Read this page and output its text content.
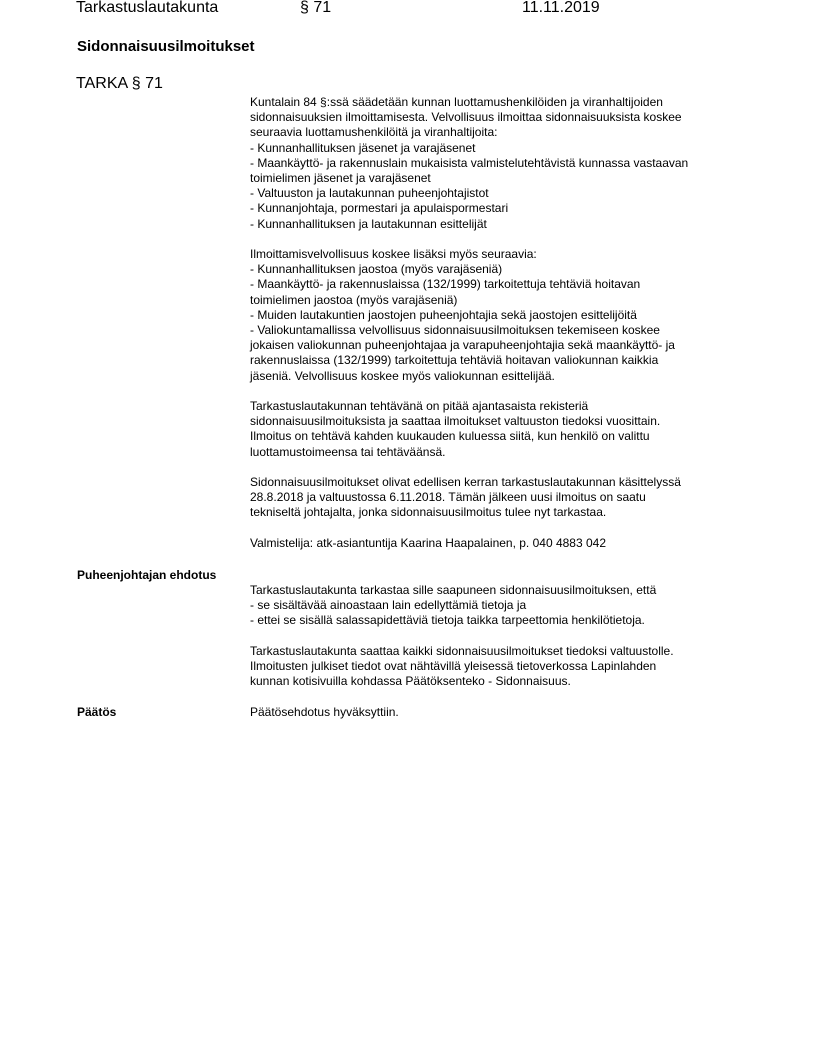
Tarkastuslautakunta	§ 71	11.11.2019
Sidonnaisuusilmoitukset
TARKA § 71

Kuntalain 84 §:ssä säädetään kunnan luottamushenkilöiden ja viranhaltijoiden

sidonnaisuuksien ilmoittamisesta. Velvollisuus ilmoittaa sidonnaisuuksista koskee

seuraavia luottamushenkilöitä ja viranhaltijoita:

- Kunnanhallituksen jäsenet ja varajäsenet

- Maankäyttö- ja rakennuslain mukaisista valmistelutehtävistä kunnassa vastaavan

toimielimen jäsenet ja varajäsenet

- Valtuuston ja lautakunnan puheenjohtajistot

- Kunnanjohtaja, pormestari ja apulaispormestari

- Kunnanhallituksen ja lautakunnan esittelijät

Ilmoittamisvelvollisuus koskee lisäksi myös seuraavia:

- Kunnanhallituksen jaostoa (myös varajäseniä)

- Maankäyttö- ja rakennuslaissa (132/1999) tarkoitettuja tehtäviä hoitavan

toimielimen jaostoa (myös varajäseniä)

- Muiden lautakuntien jaostojen puheenjohtajia sekä jaostojen esittelijöitä

- Valiokuntamallissa velvollisuus sidonnaisuusilmoituksen tekemiseen koskee

jokaisen valiokunnan puheenjohtajaa ja varapuheenjohtajia sekä maankäyttö- ja

rakennuslaissa (132/1999) tarkoitettuja tehtäviä hoitavan valiokunnan kaikkia

jäseniä. Velvollisuus koskee myös valiokunnan esittelijää.

Tarkastuslautakunnan tehtävänä on pitää ajantasaista rekisteriä

sidonnaisuusilmoituksista ja saattaa ilmoitukset valtuuston tiedoksi vuosittain.

Ilmoitus on tehtävä kahden kuukauden kuluessa siitä, kun henkilö on valittu

luottamustoimeensa tai tehtäväänsä.

Sidonnaisuusilmoitukset olivat edellisen kerran tarkastuslautakunnan käsittelyssä

28.8.2018 ja valtuustossa 6.11.2018. Tämän jälkeen uusi ilmoitus on saatu

tekniseltä johtajalta, jonka sidonnaisuusilmoitus tulee nyt tarkastaa.

Valmistelija: atk-asiantuntija Kaarina Haapalainen, p. 040 4883 042

Puheenjohtajan ehdotus

Tarkastuslautakunta tarkastaa sille saapuneen sidonnaisuusilmoituksen, että

- se sisältävää ainoastaan lain edellyttämiä tietoja ja

- ettei se sisällä salassapidettäviä tietoja taikka tarpeettomia henkilötietoja.

Tarkastuslautakunta saattaa kaikki sidonnaisuusilmoitukset tiedoksi valtuustolle.

Ilmoitusten julkiset tiedot ovat nähtävillä yleisessä tietoverkossa Lapinlahden

kunnan kotisivuilla kohdassa Päätöksenteko - Sidonnaisuus.

Päätös	Päätösehdotus hyväksyttiin.
